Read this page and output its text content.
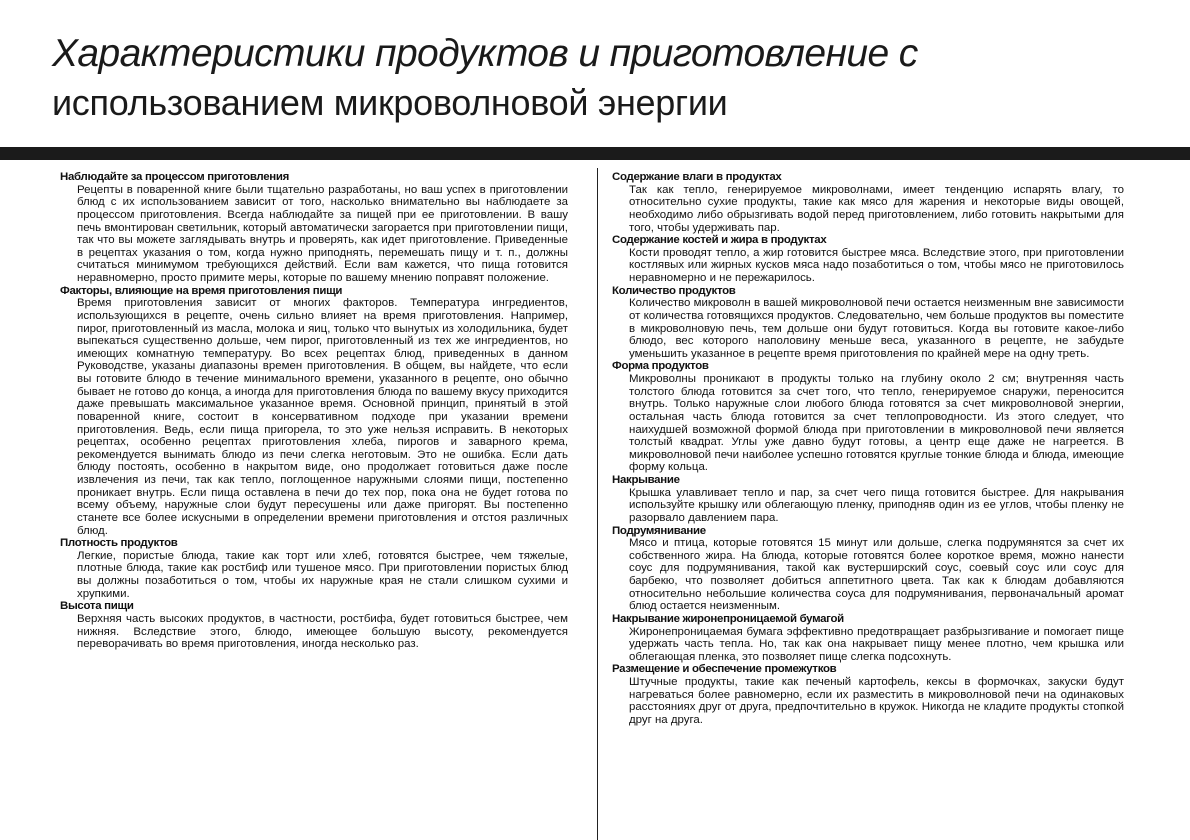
Характеристики продуктов и приготовление с
использованием микроволновой энергии

Наблюдайте за процессом приготовления

Рецепты в поваренной книге были тщательно разработаны, но ваш успех в приготовлении блюд с их использованием зависит от того, насколько внимательно вы наблюдаете за процессом приготовления. Всегда наблюдайте за пищей при ее приготовлении. В вашу печь вмонтирован светильник, который автоматически загорается при приготовлении пищи, так что вы можете заглядывать внутрь и проверять, как идет приготовление. Приведенные в рецептах указания о том, когда нужно приподнять, перемешать пищу и т. п., должны считаться минимумом требующихся действий. Если вам кажется, что пища готовится неравномерно, просто примите меры, которые по вашему мнению поправят положение.

Факторы, влияющие на время приготовления пищи

Время приготовления зависит от многих факторов. Температура ингредиентов, использующихся в рецепте, очень сильно влияет на время приготовления. Например, пирог, приготовленный из масла, молока и яиц, только что вынутых из холодильника, будет выпекаться существенно дольше, чем пирог, приготовленный из тех же ингредиентов, но имеющих комнатную температуру. Во всех рецептах блюд, приведенных в данном Руководстве, указаны диапазоны времен приготовления. В общем, вы найдете, что если вы готовите блюдо в течение минимального времени, указанного в рецепте, оно обычно бывает не готово до конца, а иногда для приготовления блюда по вашему вкусу приходится даже превышать максимальное указанное время. Основной принцип, принятый в этой поваренной книге, состоит в консервативном подходе при указании времени приготовления. Ведь, если пища пригорела, то это уже нельзя исправить. В некоторых рецептах, особенно рецептах приготовления хлеба, пирогов и заварного крема, рекомендуется вынимать блюдо из печи слегка неготовым. Это не ошибка. Если дать блюду постоять, особенно в накрытом виде, оно продолжает готовиться даже после извлечения из печи, так как тепло, поглощенное наружными слоями пищи, постепенно проникает внутрь. Если пища оставлена в печи до тех пор, пока она не будет готова по всему объему, наружные слои будут пересушены или даже пригорят. Вы постепенно станете все более искусными в определении времени приготовления и отстоя различных блюд.

Плотность продуктов

Легкие, пористые блюда, такие как торт или хлеб, готовятся быстрее, чем тяжелые, плотные блюда, такие как ростбиф или тушеное мясо. При приготовлении пористых блюд вы должны позаботиться о том, чтобы их наружные края не стали слишком сухими и хрупкими.

Высота пищи

Верхняя часть высоких продуктов, в частности, ростбифа, будет готовиться быстрее, чем нижняя. Вследствие этого, блюдо, имеющее большую высоту, рекомендуется переворачивать во время приготовления, иногда несколько раз.

Содержание влаги в продуктах

Так как тепло, генерируемое микроволнами, имеет тенденцию испарять влагу, то относительно сухие продукты, такие как мясо для жарения и некоторые виды овощей, необходимо либо обрызгивать водой перед приготовлением, либо готовить накрытыми для того, чтобы удерживать пар.

Содержание костей и жира в продуктах

Кости проводят тепло, а жир готовится быстрее мяса. Вследствие этого, при приготовлении костлявых или жирных кусков мяса надо позаботиться о том, чтобы мясо не приготовилось неравномерно и не пережарилось.

Количество продуктов

Количество микроволн в вашей микроволновой печи остается неизменным вне зависимости от количества готовящихся продуктов. Следовательно, чем больше продуктов вы поместите в микроволновую печь, тем дольше они будут готовиться. Когда вы готовите какое-либо блюдо, вес которого наполовину меньше веса, указанного в рецепте, не забудьте уменьшить указанное в рецепте время приготовления по крайней мере на одну треть.

Форма продуктов

Микроволны проникают в продукты только на глубину около 2 см; внутренняя часть толстого блюда готовится за счет того, что тепло, генерируемое снаружи, переносится внутрь. Только наружные слои любого блюда готовятся за счет микроволновой энергии, остальная часть блюда готовится за счет теплопроводности. Из этого следует, что наихудшей возможной формой блюда при приготовлении в микроволновой печи является толстый квадрат. Углы уже давно будут готовы, а центр еще даже не нагреется. В микроволновой печи наиболее успешно готовятся круглые тонкие блюда и блюда, имеющие форму кольца.

Накрывание

Крышка улавливает тепло и пар, за счет чего пища готовится быстрее. Для накрывания используйте крышку или облегающую пленку, приподняв один из ее углов, чтобы пленку не разорвало давлением пара.

Подрумянивание

Мясо и птица, которые готовятся 15 минут или дольше, слегка подрумянятся за счет их собственного жира. На блюда, которые готовятся более короткое время, можно нанести соус для подрумянивания, такой как вустерширский соус, соевый соус или соус для барбекю, что позволяет добиться аппетитного цвета. Так как к блюдам добавляются относительно небольшие количества соуса для подрумянивания, первоначальный аромат блюд остается неизменным.

Накрывание жиронепроницаемой бумагой

Жиронепроницаемая бумага эффективно предотвращает разбрызгивание и помогает пище удержать часть тепла. Но, так как она накрывает пищу менее плотно, чем крышка или облегающая пленка, это позволяет пище слегка подсохнуть.

Размещение и обеспечение промежутков

Штучные продукты, такие как печеный картофель, кексы в формочках, закуски будут нагреваться более равномерно, если их разместить в микроволновой печи на одинаковых расстояниях друг от друга, предпочтительно в кружок. Никогда не кладите продукты стопкой друг на друга.
